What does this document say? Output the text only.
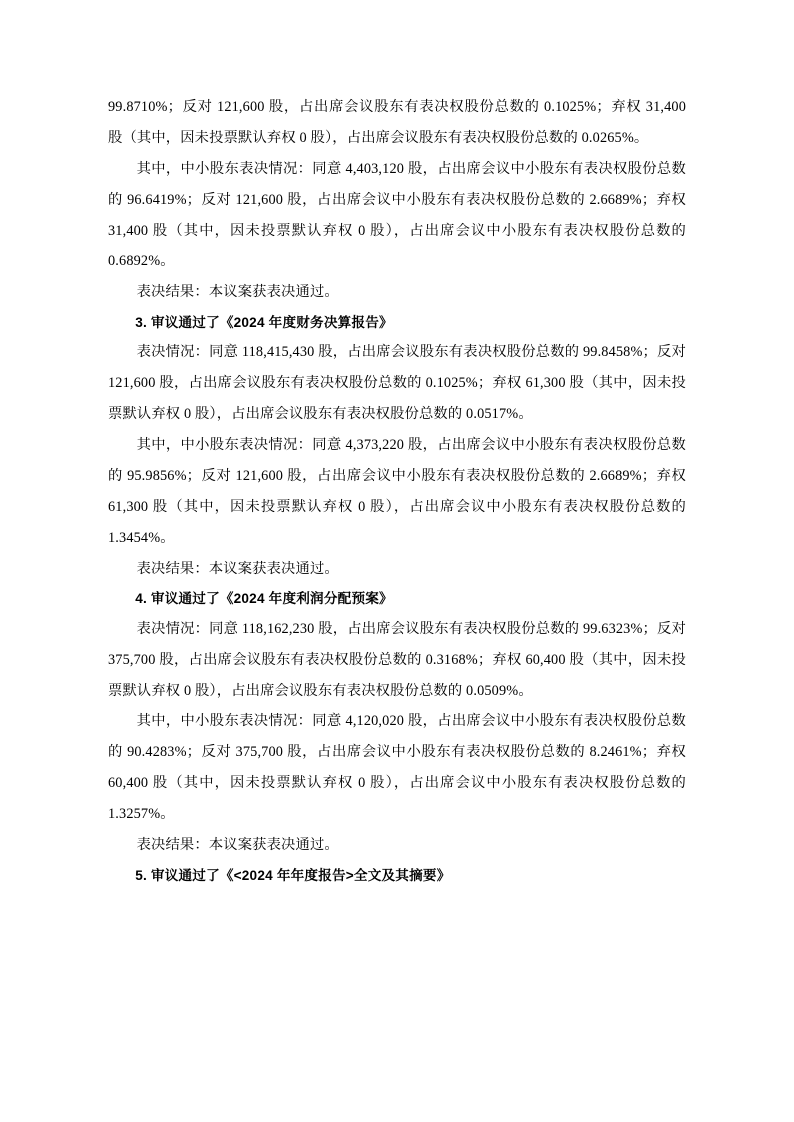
99.8710%；反对 121,600 股，占出席会议股东有表决权股份总数的 0.1025%；弃权 31,400 股（其中，因未投票默认弃权 0 股），占出席会议股东有表决权股份总数的 0.0265%。

其中，中小股东表决情况：同意 4,403,120 股，占出席会议中小股东有表决权股份总数的 96.6419%；反对 121,600 股，占出席会议中小股东有表决权股份总数的 2.6689%；弃权 31,400 股（其中，因未投票默认弃权 0 股），占出席会议中小股东有表决权股份总数的 0.6892%。

表决结果：本议案获表决通过。

3. 审议通过了《2024 年度财务决算报告》

表决情况：同意 118,415,430 股，占出席会议股东有表决权股份总数的 99.8458%；反对 121,600 股，占出席会议股东有表决权股份总数的 0.1025%；弃权 61,300 股（其中，因未投票默认弃权 0 股），占出席会议股东有表决权股份总数的 0.0517%。

其中，中小股东表决情况：同意 4,373,220 股，占出席会议中小股东有表决权股份总数的 95.9856%；反对 121,600 股，占出席会议中小股东有表决权股份总数的 2.6689%；弃权 61,300 股（其中，因未投票默认弃权 0 股），占出席会议中小股东有表决权股份总数的 1.3454%。

表决结果：本议案获表决通过。

4. 审议通过了《2024 年度利润分配预案》

表决情况：同意 118,162,230 股，占出席会议股东有表决权股份总数的 99.6323%；反对 375,700 股，占出席会议股东有表决权股份总数的 0.3168%；弃权 60,400 股（其中，因未投票默认弃权 0 股），占出席会议股东有表决权股份总数的 0.0509%。

其中，中小股东表决情况：同意 4,120,020 股，占出席会议中小股东有表决权股份总数的 90.4283%；反对 375,700 股，占出席会议中小股东有表决权股份总数的 8.2461%；弃权 60,400 股（其中，因未投票默认弃权 0 股），占出席会议中小股东有表决权股份总数的 1.3257%。

表决结果：本议案获表决通过。

5. 审议通过了《<2024 年年度报告>全文及其摘要》
